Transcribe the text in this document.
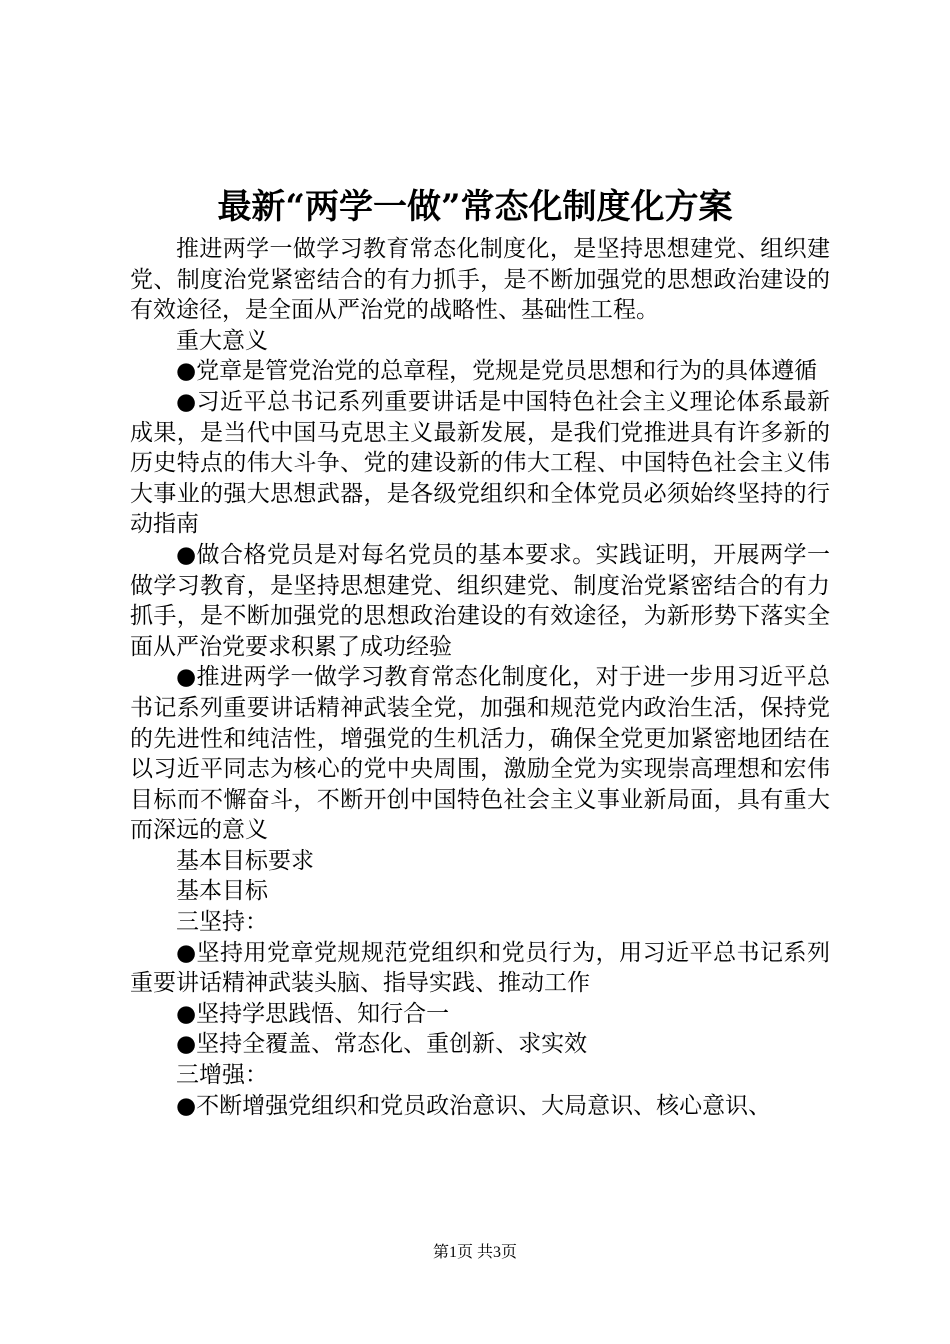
最新“两学一做”常态化制度化方案

推进两学一做学习教育常态化制度化，是坚持思想建党、组织建党、制度治党紧密结合的有力抓手，是不断加强党的思想政治建设的有效途径，是全面从严治党的战略性、基础性工程。

重大意义

●党章是管党治党的总章程，党规是党员思想和行为的具体遵循

●习近平总书记系列重要讲话是中国特色社会主义理论体系最新成果，是当代中国马克思主义最新发展，是我们党推进具有许多新的历史特点的伟大斗争、党的建设新的伟大工程、中国特色社会主义伟大事业的强大思想武器，是各级党组织和全体党员必须始终坚持的行动指南

●做合格党员是对每名党员的基本要求。实践证明，开展两学一做学习教育，是坚持思想建党、组织建党、制度治党紧密结合的有力抓手，是不断加强党的思想政治建设的有效途径，为新形势下落实全面从严治党要求积累了成功经验

●推进两学一做学习教育常态化制度化，对于进一步用习近平总书记系列重要讲话精神武装全党，加强和规范党内政治生活，保持党的先进性和纯洁性，增强党的生机活力，确保全党更加紧密地团结在以习近平同志为核心的党中央周围，激励全党为实现崇高理想和宏伟目标而不懈奋斗，不断开创中国特色社会主义事业新局面，具有重大而深远的意义

基本目标要求

基本目标

三坚持：

●坚持用党章党规规范党组织和党员行为，用习近平总书记系列重要讲话精神武装头脑、指导实践、推动工作

●坚持学思践悟、知行合一

●坚持全覆盖、常态化、重创新、求实效

三增强：

●不断增强党组织和党员政治意识、大局意识、核心意识、

第1页 共3页
